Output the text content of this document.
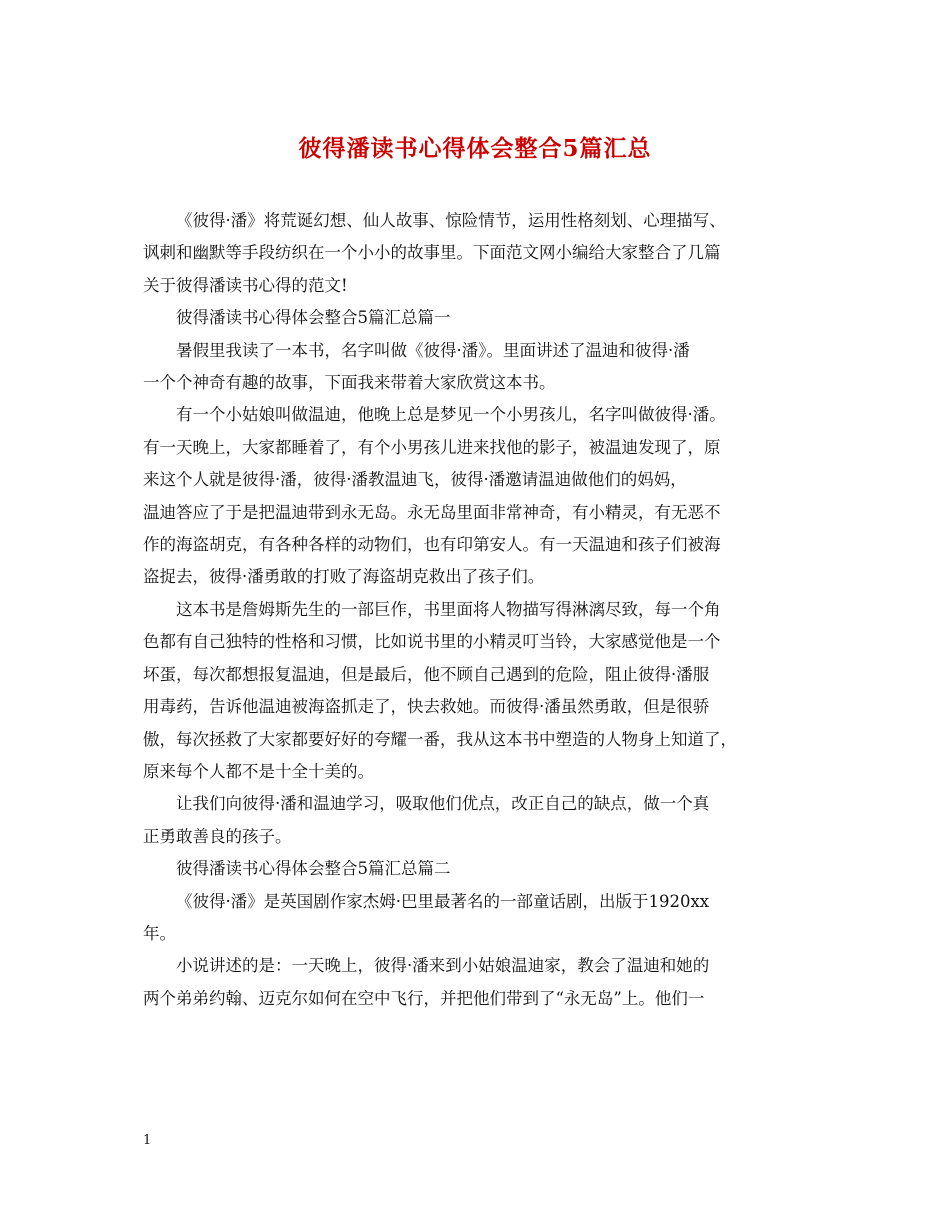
彼得潘读书心得体会整合5篇汇总

《彼得·潘》将荒诞幻想、仙人故事、惊险情节，运用性格刻划、心理描写、
讽刺和幽默等手段纺织在一个小小的故事里。下面范文网小编给大家整合了几篇
关于彼得潘读书心得的范文!

彼得潘读书心得体会整合5篇汇总篇一

暑假里我读了一本书，名字叫做《彼得·潘》。里面讲述了温迪和彼得·潘
一个个神奇有趣的故事，下面我来带着大家欣赏这本书。

有一个小姑娘叫做温迪，他晚上总是梦见一个小男孩儿，名字叫做彼得·潘。
有一天晚上，大家都睡着了，有个小男孩儿进来找他的影子，被温迪发现了，原
来这个人就是彼得·潘，彼得·潘教温迪飞，彼得·潘邀请温迪做他们的妈妈，
温迪答应了于是把温迪带到永无岛。永无岛里面非常神奇，有小精灵，有无恶不
作的海盗胡克，有各种各样的动物们，也有印第安人。有一天温迪和孩子们被海
盗捉去，彼得·潘勇敢的打败了海盗胡克救出了孩子们。

这本书是詹姆斯先生的一部巨作，书里面将人物描写得淋漓尽致，每一个角
色都有自己独特的性格和习惯，比如说书里的小精灵叮当铃，大家感觉他是一个
坏蛋，每次都想报复温迪，但是最后，他不顾自己遇到的危险，阻止彼得·潘服
用毒药，告诉他温迪被海盗抓走了，快去救她。而彼得·潘虽然勇敢，但是很骄
傲，每次拯救了大家都要好好的夸耀一番，我从这本书中塑造的人物身上知道了，
原来每个人都不是十全十美的。

让我们向彼得·潘和温迪学习，吸取他们优点，改正自己的缺点，做一个真
正勇敢善良的孩子。

彼得潘读书心得体会整合5篇汇总篇二

《彼得·潘》是英国剧作家杰姆·巴里最著名的一部童话剧，出版于1920xx
年。

小说讲述的是：一天晚上，彼得·潘来到小姑娘温迪家，教会了温迪和她的
两个弟弟约翰、迈克尔如何在空中飞行，并把他们带到了“永无岛”上。他们一

1
